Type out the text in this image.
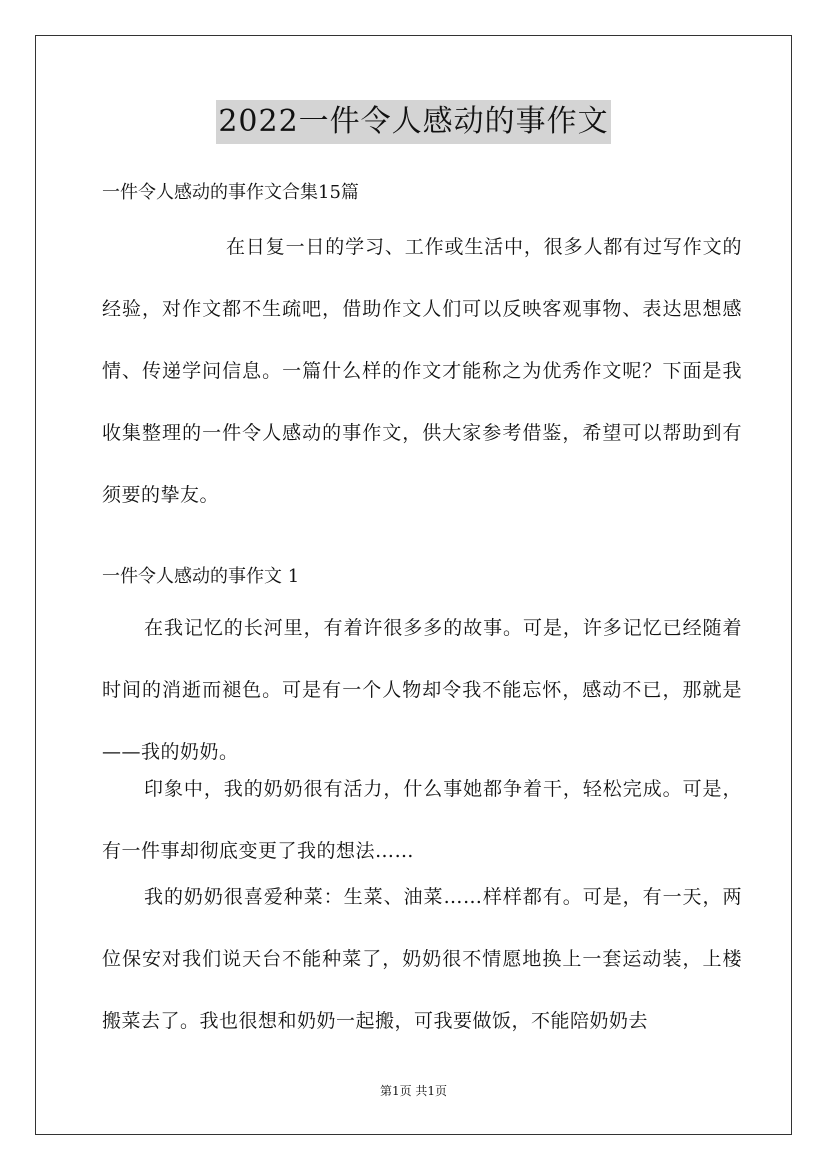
2022一件令人感动的事作文

一件令人感动的事作文合集15篇

在日复一日的学习、工作或生活中，很多人都有过写作文的经验，对作文都不生疏吧，借助作文人们可以反映客观事物、表达思想感情、传递学问信息。一篇什么样的作文才能称之为优秀作文呢？下面是我收集整理的一件令人感动的事作文，供大家参考借鉴，希望可以帮助到有须要的挚友。

一件令人感动的事作文 1

在我记忆的长河里，有着许很多多的故事。可是，许多记忆已经随着时间的消逝而褪色。可是有一个人物却令我不能忘怀，感动不已，那就是——我的奶奶。

印象中，我的奶奶很有活力，什么事她都争着干，轻松完成。可是，有一件事却彻底变更了我的想法……

我的奶奶很喜爱种菜：生菜、油菜……样样都有。可是，有一天，两位保安对我们说天台不能种菜了，奶奶很不情愿地换上一套运动装，上楼搬菜去了。我也很想和奶奶一起搬，可我要做饭，不能陪奶奶去

第1页 共1页
